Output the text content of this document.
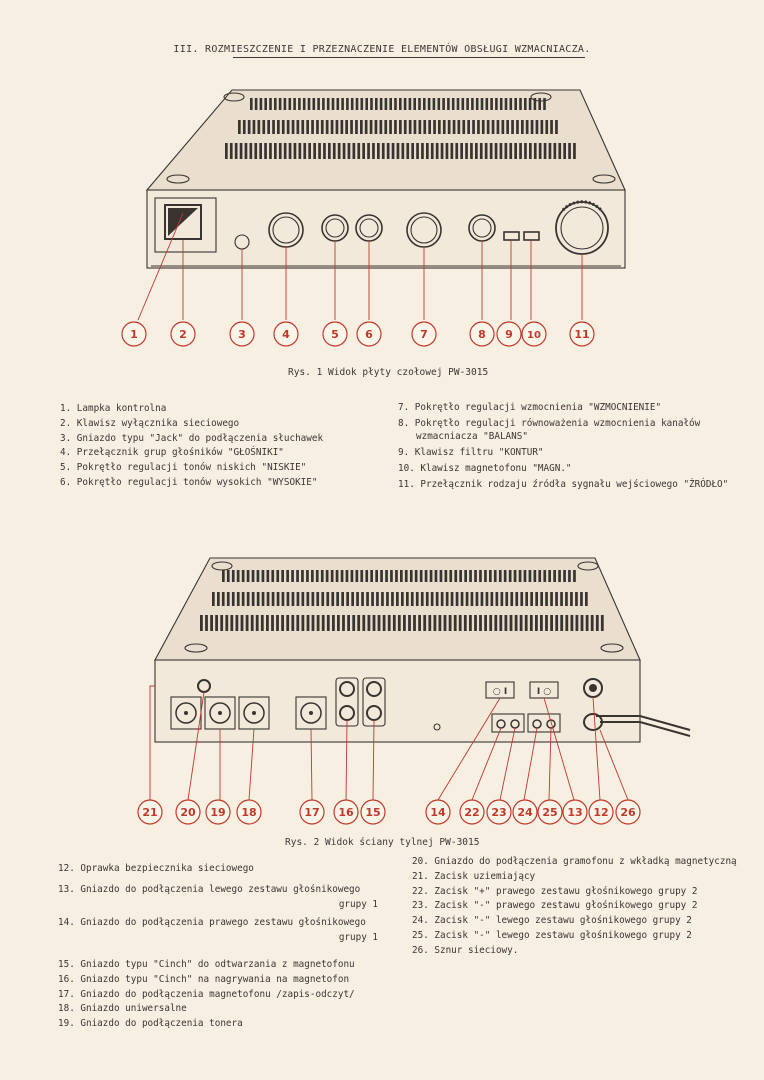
III. ROZMIESZCZENIE I PRZEZNACZENIE ELEMENTÓW OBSŁUGI WZMACNIACZA.
1	2	3	4	5 6	7	8 9 10	11
Rys. 1 Widok płyty czołowej PW-3015
1. Lampka kontrolna
2. Klawisz wyłącznika sieciowego
3. Gniazdo typu "Jack" do podłączenia słuchawek
4. Przełącznik grup głośników "GŁOŚNIKI"
5. Pokrętło regulacji tonów niskich "NISKIE"
6. Pokrętło regulacji tonów wysokich "WYSOKIE"
7. Pokrętło regulacji wzmocnienia "WZMOCNIENIE"
8. Pokrętło regulacji równoważenia wzmocnienia kanałów
wzmacniacza "BALANS"
9. Klawisz filtru "KONTUR"
10. Klawisz magnetofonu "MAGN."
11. Przełącznik rodzaju źródła sygnału wejściowego "ŹRÓDŁO"
○ I	I ○
21 20 19 18	17 16 15	14 22 23 24 25 13 12 26
Rys. 2 Widok ściany tylnej PW-3015
12. Oprawka bezpiecznika sieciowego
13. Gniazdo do podłączenia lewego zestawu głośnikowego
grupy 1
14. Gniazdo do podłączenia prawego zestawu głośnikowego
grupy 1
15. Gniazdo typu "Cinch" do odtwarzania z magnetofonu
16. Gniazdo typu "Cinch" na nagrywania na magnetofon
17. Gniazdo do podłączenia magnetofonu /zapis-odczyt/
18. Gniazdo uniwersalne
19. Gniazdo do podłączenia tonera
20. Gniazdo do podłączenia gramofonu z wkładką magnetyczną
21. Zacisk uziemiający
22. Zacisk "+" prawego zestawu głośnikowego grupy 2
23. Zacisk "-" prawego zestawu głośnikowego grupy 2
24. Zacisk "-" lewego zestawu głośnikowego grupy 2
25. Zacisk "-" lewego zestawu głośnikowego grupy 2
26. Sznur sieciowy.
